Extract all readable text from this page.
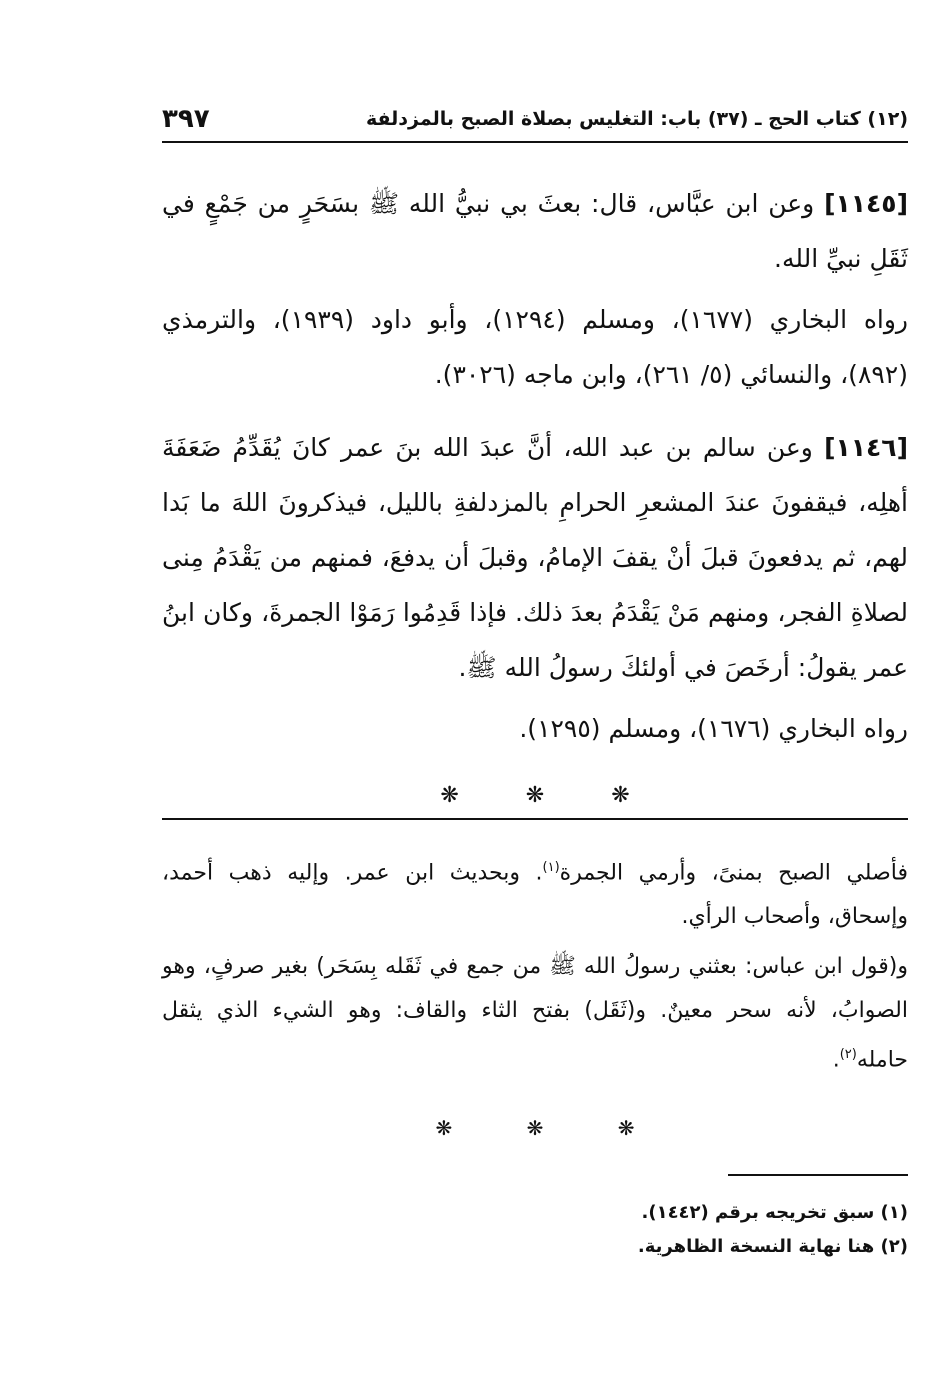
(١٢) كتاب الحج ـ (٣٧) باب: التغليس بصلاة الصبح بالمزدلفة
٣٩٧

[١١٤٥] وعن ابن عبَّاس، قال: بعثَ بي نبيُّ الله ﷺ بسَحَرٍ من جَمْعٍ في ثَقَلِ نبيِّ الله.

رواه البخاري (١٦٧٧)، ومسلم (١٢٩٤)، وأبو داود (١٩٣٩)، والترمذي (٨٩٢)، والنسائي (٥/ ٢٦١)، وابن ماجه (٣٠٢٦).

[١١٤٦] وعن سالم بن عبد الله، أنَّ عبدَ الله بنَ عمر كانَ يُقَدِّمُ ضَعَفَةَ أهلِه، فيقفونَ عندَ المشعرِ الحرامِ بالمزدلفةِ بالليل، فيذكرونَ اللهَ ما بَدا لهم، ثم يدفعونَ قبلَ أنْ يقفَ الإمامُ، وقبلَ أن يدفعَ، فمنهم من يَقْدَمُ مِنى لصلاةِ الفجر، ومنهم مَنْ يَقْدَمُ بعدَ ذلك. فإذا قَدِمُوا رَمَوْا الجمرةَ، وكان ابنُ عمر يقولُ: أرخَصَ في أولئكَ رسولُ الله ﷺ.

رواه البخاري (١٦٧٦)، ومسلم (١٢٩٥).

❋	❋	❋

فأصلي الصبح بمنىً، وأرمي الجمرة$^{(١)}$. وبحديث ابن عمر. وإليه ذهب أحمد، وإسحاق، وأصحاب الرأي.

و(قول ابن عباس: بعثني رسولُ الله ﷺ من جمع في ثَقَله بِسَحَر) بغير صرفٍ، وهو الصوابُ، لأنه سحر معينٌ. و(ثَقَل) بفتح الثاء والقاف: وهو الشيء الذي يثقل حامله$^{(٢)}$.

❋	❋	❋

(١) سبق تخريجه برقم (١٤٤٢).

(٢) هنا نهاية النسخة الظاهرية.
